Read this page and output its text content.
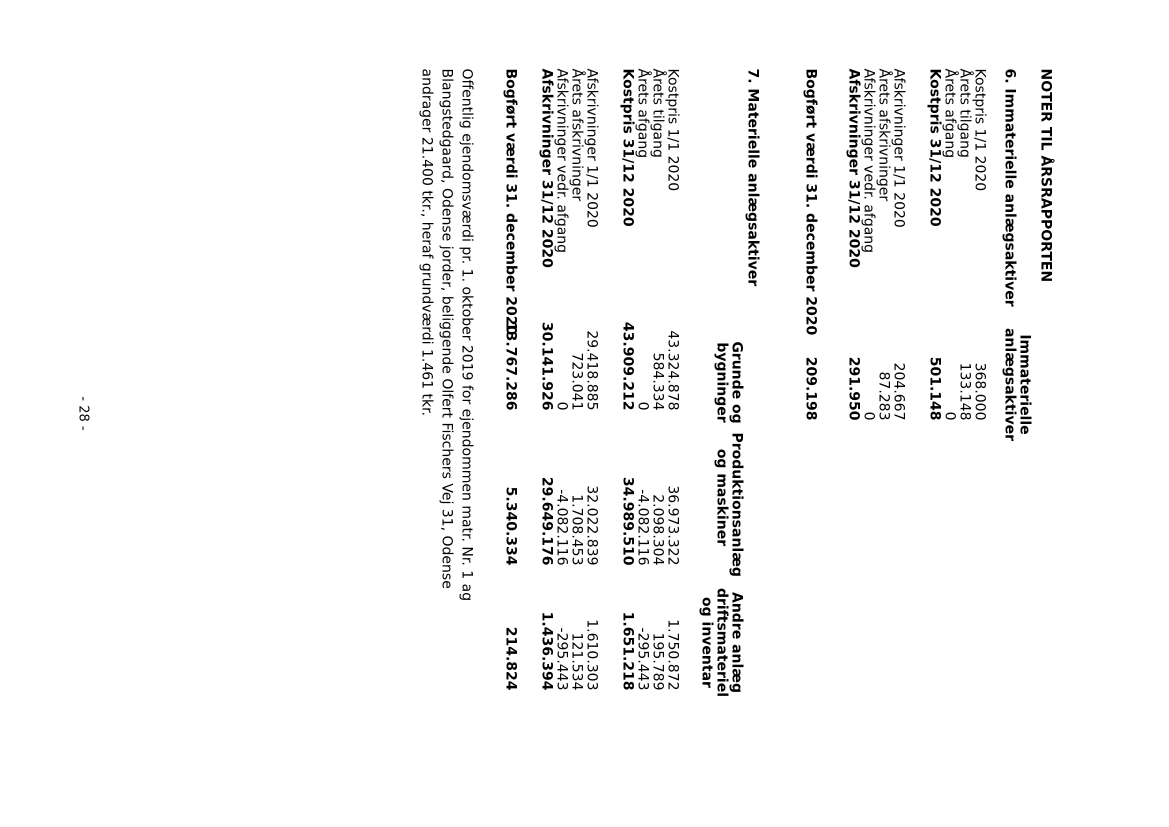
NOTER TIL ÅRSRAPPORTEN
6. Immaterielle anlægsaktiver
Immaterielle anlægsaktiver
Kostpris 1/1 2020
368.000
Årets tilgang
133.148
Årets afgang
0
Kostpris 31/12 2020
501.148
Afskrivninger 1/1 2020
204.667
Årets afskrivninger
87.283
Afskrivninger vedr. afgang
0
Afskrivninger 31/12 2020
291.950
Bogført værdi 31. december 2020
209.198
7. Materielle anlægsaktiver
Grunde og bygninger
Produktionsanlæg og maskiner
Andre anlæg driftsmateriel og inventar
Kostpris 1/1 2020
43.324.878
36.973.322
1.750.872
Årets tilgang
584.334
2.098.304
195.789
Årets afgang
0
-4.082.116
-295.443
Kostpris 31/12 2020
43.909.212
34.989.510
1.651.218
Afskrivninger 1/1 2020
29.418.885
32.022.839
1.610.303
Årets afskrivninger
723.041
1.708.453
121.534
Afskrivninger vedr. afgang
0
-4.082.116
-295.443
Afskrivninger 31/12 2020
30.141.926
29.649.176
1.436.394
Bogført værdi 31. december 2020
13.767.286
5.340.334
214.824
Offentlig ejendomsværdi pr. 1. oktober 2019 for ejendommen matr. Nr. 1 ag Blangstedgaard, Odense jorder, beliggende Olfert Fischers Vej 31, Odense andrager 21.400 tkr., heraf grundværdi 1.461 tkr.
- 28 -
